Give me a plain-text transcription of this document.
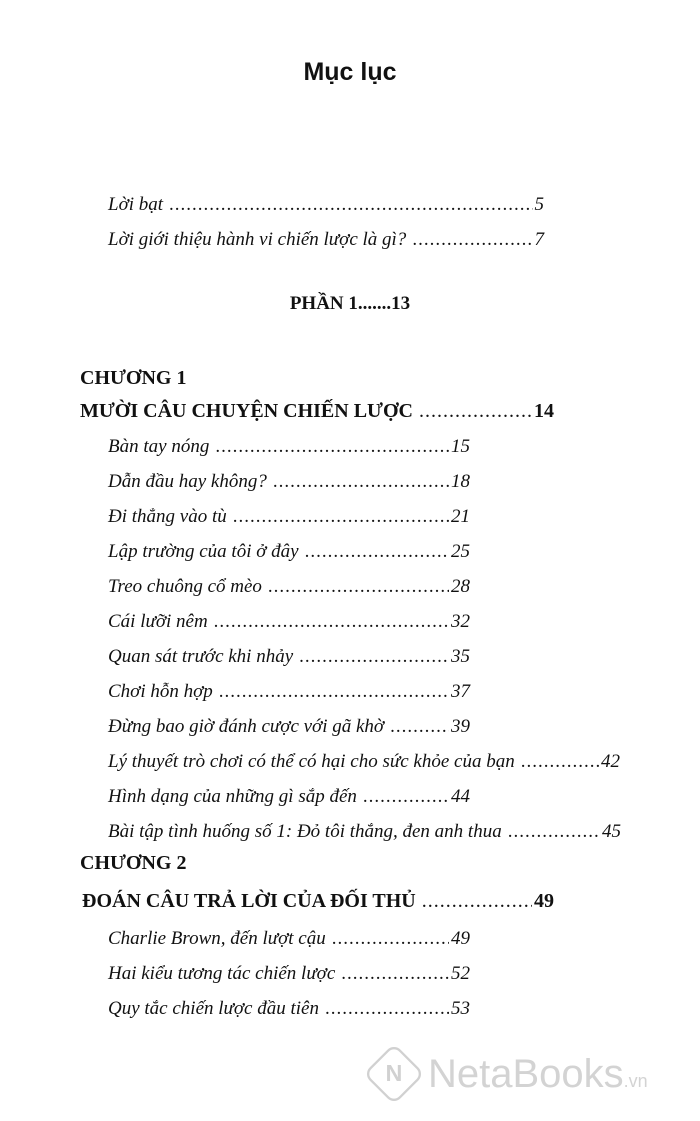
Mục lục
Lời bạt .....	5
Lời giới thiệu hành vi chiến lược là gì? .....	7
PHẦN 1.......13
CHƯƠNG 1
MƯỜI CÂU CHUYỆN CHIẾN LƯỢC .....	14
Bàn tay nóng .....	15
Dẫn đầu hay không? .....	18
Đi thẳng vào tù .....	21
Lập trường của tôi ở đây .....	25
Treo chuông cổ mèo .....	28
Cái lưỡi nêm .....	32
Quan sát trước khi nhảy .....	35
Chơi hỗn hợp .....	37
Đừng bao giờ đánh cược với gã khờ .....	39
Lý thuyết trò chơi có thể có hại cho sức khỏe của bạn .....	42
Hình dạng của những gì sắp đến .....	44
Bài tập tình huống số 1: Đỏ tôi thắng, đen anh thua .....	45
CHƯƠNG 2
ĐOÁN CÂU TRẢ LỜI CỦA ĐỐI THỦ .....	49
Charlie Brown, đến lượt cậu .....	49
Hai kiểu tương tác chiến lược .....	52
Quy tắc chiến lược đầu tiên .....	53
N NetaBooks.vn
